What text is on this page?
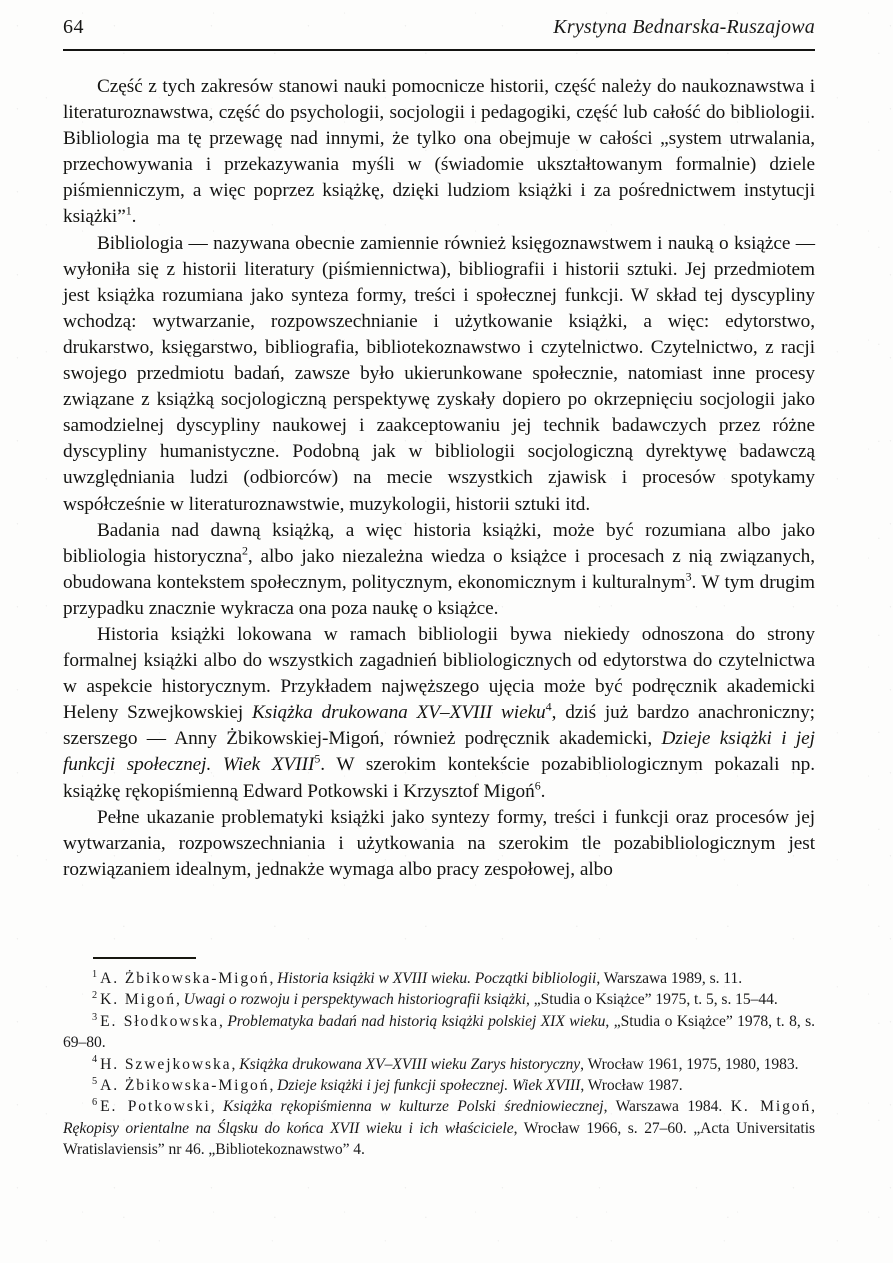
64	Krystyna Bednarska-Ruszajowa

Część z tych zakresów stanowi nauki pomocnicze historii, część należy do naukoznawstwa i literaturoznawstwa, część do psychologii, socjologii i pedagogiki, część lub całość do bibliologii. Bibliologia ma tę przewagę nad innymi, że tylko ona obejmuje w całości „system utrwalania, przechowywania i przekazywania myśli w (świadomie ukształtowanym formalnie) dziele piśmienniczym, a więc poprzez książkę, dzięki ludziom książki i za pośrednictwem instytucji książki”$^1$.

Bibliologia — nazywana obecnie zamiennie również księgoznawstwem i nauką o książce — wyłoniła się z historii literatury (piśmiennictwa), bibliografii i historii sztuki. Jej przedmiotem jest książka rozumiana jako synteza formy, treści i społecznej funkcji. W skład tej dyscypliny wchodzą: wytwarzanie, rozpowszechnianie i użytkowanie książki, a więc: edytorstwo, drukarstwo, księgarstwo, bibliografia, bibliotekoznawstwo i czytelnictwo. Czytelnictwo, z racji swojego przedmiotu badań, zawsze było ukierunkowane społecznie, natomiast inne procesy związane z książką socjologiczną perspektywę zyskały dopiero po okrzepnięciu socjologii jako samodzielnej dyscypliny naukowej i zaakceptowaniu jej technik badawczych przez różne dyscypliny humanistyczne. Podobną jak w bibliologii socjologiczną dyrektywę badawczą uwzględniania ludzi (odbiorców) na mecie wszystkich zjawisk i procesów spotykamy współcześnie w literaturoznawstwie, muzykologii, historii sztuki itd.

Badania nad dawną książką, a więc historia książki, może być rozumiana albo jako bibliologia historyczna$^2$, albo jako niezależna wiedza o książce i procesach z nią związanych, obudowana kontekstem społecznym, politycznym, ekonomicznym i kulturalnym$^3$. W tym drugim przypadku znacznie wykracza ona poza naukę o książce.

Historia książki lokowana w ramach bibliologii bywa niekiedy odnoszona do strony formalnej książki albo do wszystkich zagadnień bibliologicznych od edytorstwa do czytelnictwa w aspekcie historycznym. Przykładem najwęższego ujęcia może być podręcznik akademicki Heleny Szwejkowskiej Książka drukowana XV–XVIII wieku$^4$, dziś już bardzo anachroniczny; szerszego — Anny Żbikowskiej-Migoń, również podręcznik akademicki, Dzieje książki i jej funkcji społecznej. Wiek XVIII$^5$. W szerokim kontekście pozabibliologicznym pokazali np. książkę rękopiśmienną Edward Potkowski i Krzysztof Migoń$^6$.

Pełne ukazanie problematyki książki jako syntezy formy, treści i funkcji oraz procesów jej wytwarzania, rozpowszechniania i użytkowania na szerokim tle pozabibliologicznym jest rozwiązaniem idealnym, jednakże wymaga albo pracy zespołowej, albo

$^1$ A. Żbikowska-Migoń, Historia książki w XVIII wieku. Początki bibliologii, Warszawa 1989, s. 11.

$^2$ K. Migoń, Uwagi o rozwoju i perspektywach historiografii książki, „Studia o Książce” 1975, t. 5, s. 15–44.

$^3$ E. Słodkowska, Problematyka badań nad historią książki polskiej XIX wieku, „Studia o Książce” 1978, t. 8, s. 69–80.

$^4$ H. Szwejkowska, Książka drukowana XV–XVIII wieku Zarys historyczny, Wrocław 1961, 1975, 1980, 1983.

$^5$ A. Żbikowska-Migoń, Dzieje książki i jej funkcji społecznej. Wiek XVIII, Wrocław 1987.

$^6$ E. Potkowski, Książka rękopiśmienna w kulturze Polski średniowiecznej, Warszawa 1984. K. Migoń, Rękopisy orientalne na Śląsku do końca XVII wieku i ich właściciele, Wrocław 1966, s. 27–60. „Acta Universitatis Wratislaviensis” nr 46. „Bibliotekoznawstwo” 4.
